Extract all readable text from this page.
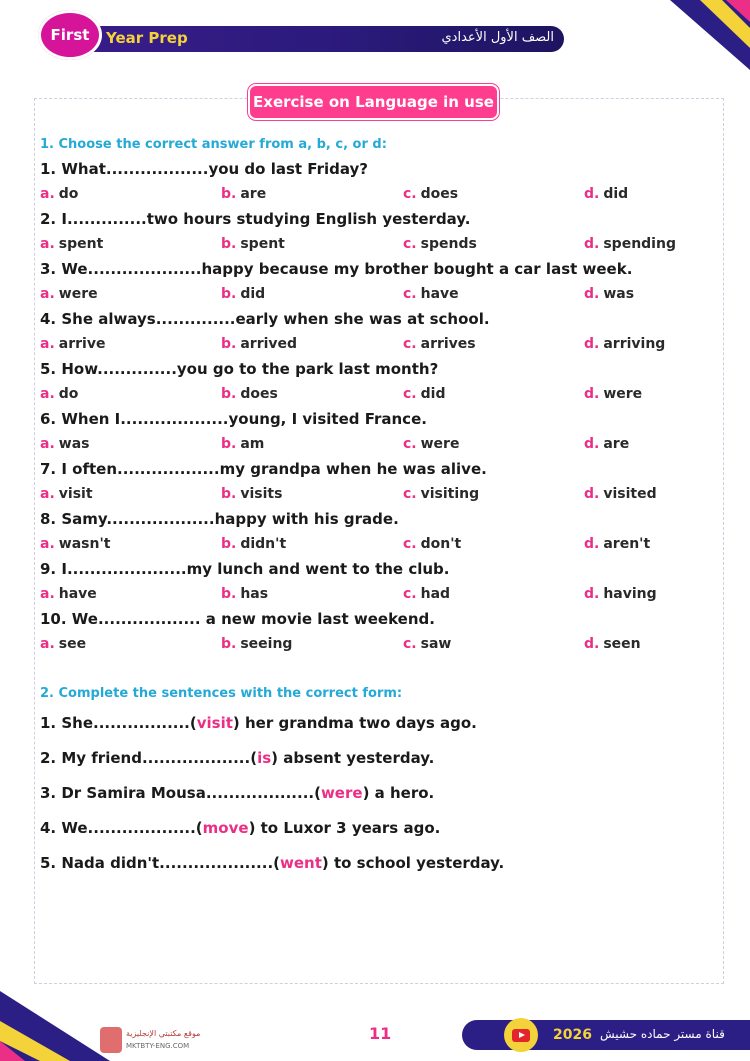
First	Year Prep	الصف الأول الأعدادي
Exercise on Language in use
1. Choose the correct answer from a, b, c, or d:
1. What..................you do last Friday?
a. do	b. are	c. does	d. did
2. I..............two hours studying English yesterday.
a. spent	b. spent	c. spends	d. spending
3. We....................happy because my brother bought a car last week.
a. were	b. did	c. have	d. was
4. She always..............early when she was at school.
a. arrive	b. arrived	c. arrives	d. arriving
5. How..............you go to the park last month?
a. do	b. does	c. did	d. were
6. When I...................young, I visited France.
a. was	b. am	c. were	d. are
7. I often..................my grandpa when he was alive.
a. visit	b. visits	c. visiting	d. visited
8. Samy...................happy with his grade.
a. wasn't	b. didn't	c. don't	d. aren't
9. I.....................my lunch and went to the club.
a. have	b. has	c. had	d. having
10. We.................. a new movie last weekend.
a. see	b. seeing	c. saw	d. seen
2. Complete the sentences with the correct form:
1. She.................(visit) her grandma two days ago.
2. My friend...................(is) absent yesterday.
3. Dr Samira Mousa...................(were) a hero.
4. We...................(move) to Luxor 3 years ago.
5. Nada didn't....................(went) to school yesterday.
موقع مكتبتي الإنجليزية
MKTBTY-ENG.COM
11	2026 قناة مستر حماده حشيش
